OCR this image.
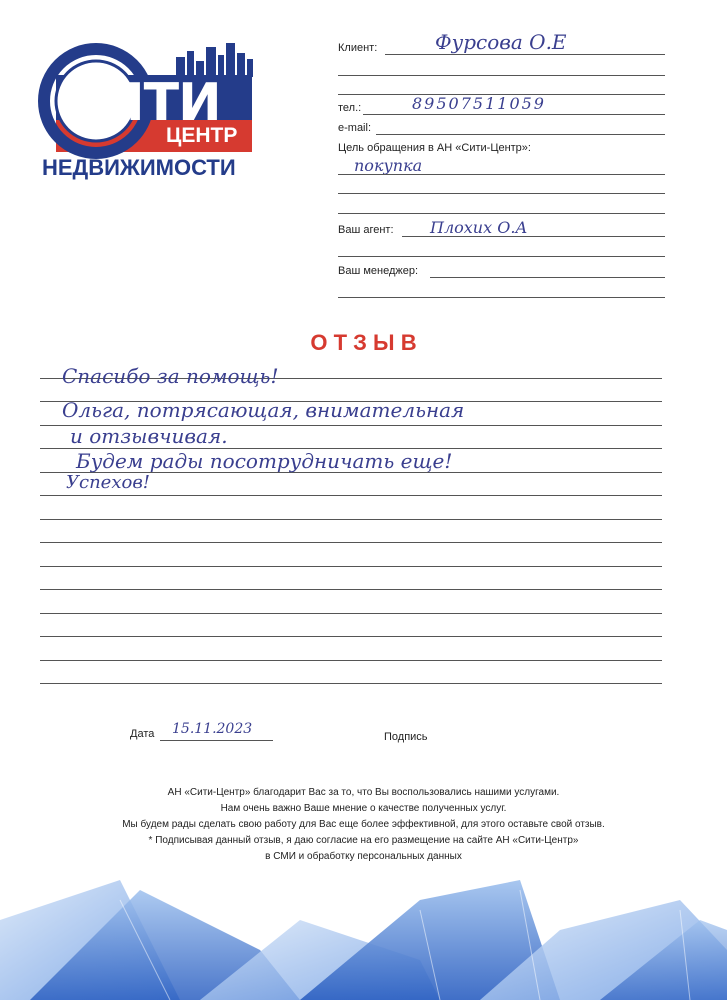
СИТИ
ЦЕНТР
НЕДВИЖИМОСТИ
Клиент:	Фурсова О.Е
тел.:	89507511059
e-mail:
Цель обращения в АН «Сити-Центр»:
покупка
Ваш агент: Плохих О.А
Ваш менеджер:
О Т З Ы В
Спасибо за помощь!
Ольга, потрясающая, внимательная
и отзывчивая.
Будем рады посотрудничать еще!
Успехов!
Дата 15.11.2023	Подпись
АН «Сити-Центр» благодарит Вас за то, что Вы воспользовались нашими услугами.
Нам очень важно Ваше мнение о качестве полученных услуг.
Мы будем рады сделать свою работу для Вас еще более эффективной, для этого оставьте свой отзыв.
* Подписывая данный отзыв, я даю согласие на его размещение на сайте АН «Сити-Центр»
в СМИ и обработку персональных данных
